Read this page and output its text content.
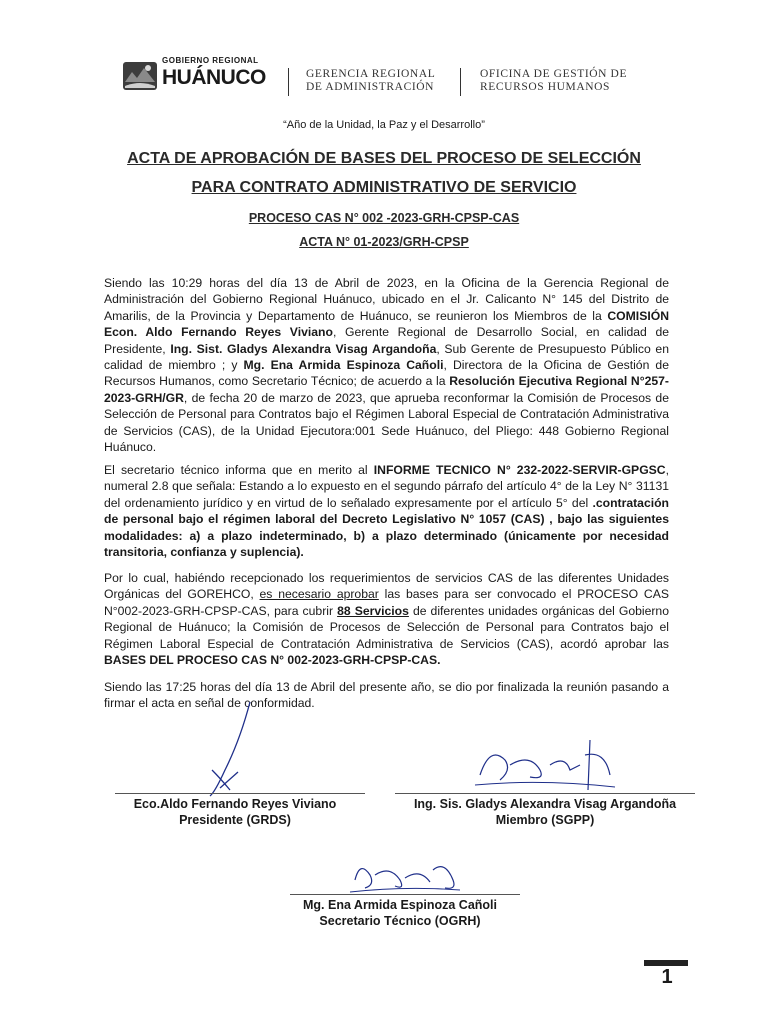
GOBIERNO REGIONAL
HUÁNUCO	GERENCIA REGIONAL
DE ADMINISTRACIÓN
OFICINA DE GESTIÓN DE
RECURSOS HUMANOS
“Año de la Unidad, la Paz y el Desarrollo”
ACTA DE APROBACIÓN DE BASES DEL PROCESO DE SELECCIÓN
PARA CONTRATO ADMINISTRATIVO DE SERVICIO
PROCESO CAS N° 002 -2023-GRH-CPSP-CAS
ACTA N° 01-2023/GRH-CPSP
Siendo las 10:29 horas del día 13 de Abril de 2023, en la Oficina de la Gerencia Regional de Administración del Gobierno Regional Huánuco, ubicado en el Jr. Calicanto N° 145 del Distrito de Amarilis, de la Provincia y Departamento de Huánuco, se reunieron los Miembros de la COMISIÓN Econ. Aldo Fernando Reyes Viviano, Gerente Regional de Desarrollo Social, en calidad de Presidente, Ing. Sist. Gladys Alexandra Visag Argandoña, Sub Gerente de Presupuesto Público en calidad de miembro ; y Mg. Ena Armida Espinoza Cañoli, Directora de la Oficina de Gestión de Recursos Humanos, como Secretario Técnico; de acuerdo a la Resolución Ejecutiva Regional N°257-2023-GRH/GR, de fecha 20 de marzo de 2023, que aprueba reconformar la Comisión de Procesos de Selección de Personal para Contratos bajo el Régimen Laboral Especial de Contratación Administrativa de Servicios (CAS), de la Unidad Ejecutora:001 Sede Huánuco, del Pliego: 448 Gobierno Regional Huánuco.
El secretario técnico informa que en merito al INFORME TECNICO N° 232-2022-SERVIR-GPGSC, numeral 2.8 que señala: Estando a lo expuesto en el segundo párrafo del artículo 4° de la Ley N° 31131 del ordenamiento jurídico y en virtud de lo señalado expresamente por el artículo 5° del .contratación de personal bajo el régimen laboral del Decreto Legislativo N° 1057 (CAS) , bajo las siguientes modalidades: a) a plazo indeterminado, b) a plazo determinado (únicamente por necesidad transitoria, confianza y suplencia).
Por lo cual, habiéndo recepcionado los requerimientos de servicios CAS de las diferentes Unidades Orgánicas del GOREHCO, es necesario aprobar las bases para ser convocado el PROCESO CAS N°002-2023-GRH-CPSP-CAS, para cubrir 88 Servicios de diferentes unidades orgánicas del Gobierno Regional de Huánuco; la Comisión de Procesos de Selección de Personal para Contratos bajo el Régimen Laboral Especial de Contratación Administrativa de Servicios (CAS), acordó aprobar las BASES DEL PROCESO CAS N° 002-2023-GRH-CPSP-CAS.
Siendo las 17:25 horas del día 13 de Abril del presente año, se dio por finalizada la reunión pasando a firmar el acta en señal de conformidad.
Eco.Aldo Fernando Reyes Viviano
Presidente (GRDS)
Ing. Sis. Gladys Alexandra Visag Argandoña
Miembro (SGPP)
Mg. Ena Armida Espinoza Cañoli
Secretario Técnico (OGRH)
1
